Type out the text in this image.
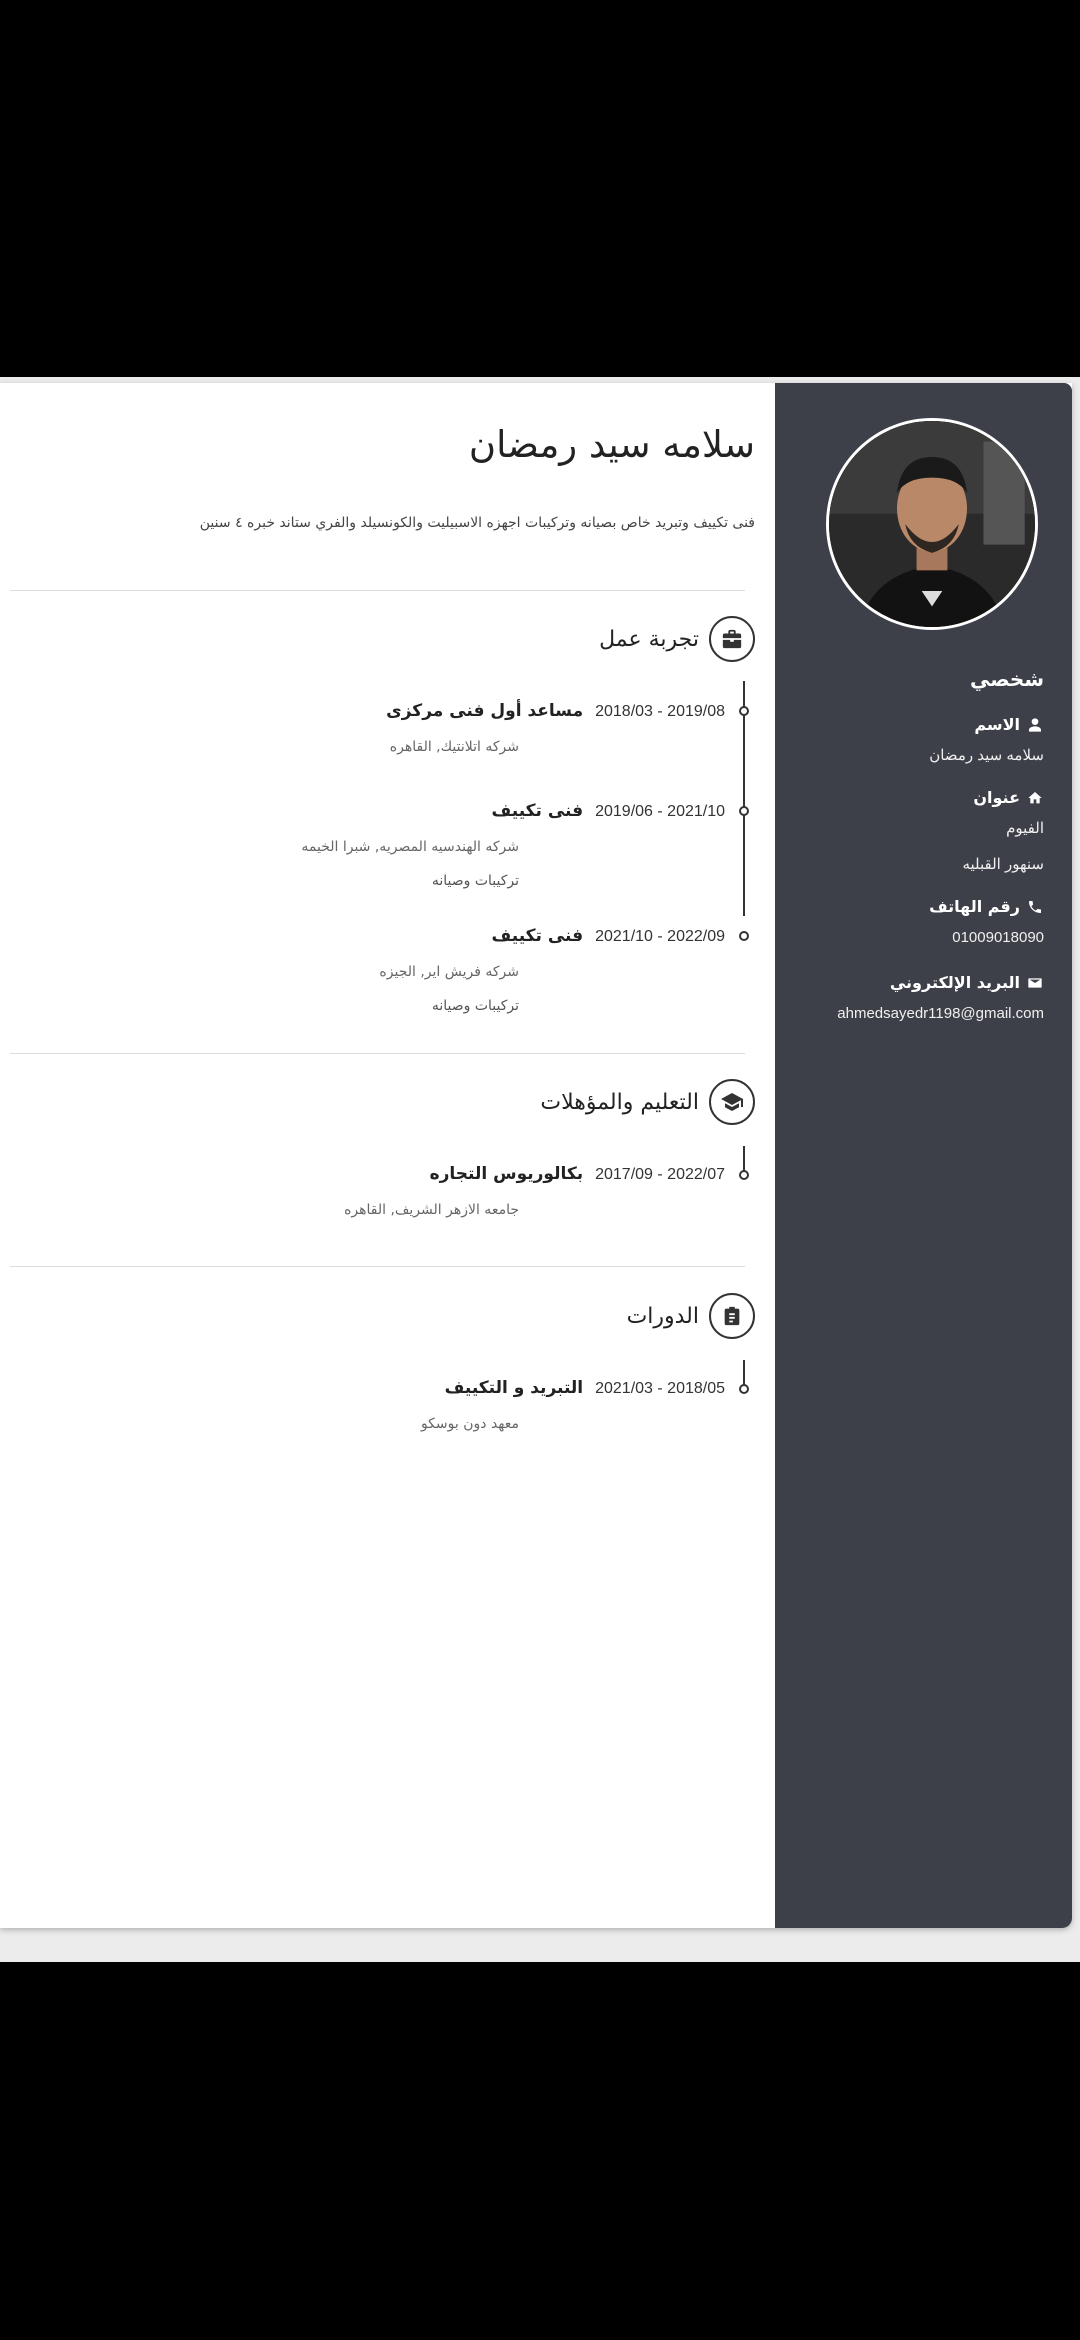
سلامه سيد رمضان
فنى تكييف وتبريد خاص بصيانه وتركيبات اجهزه الاسبيليت والكونسيلد والفري ستاند خبره ٤ سنين
تجربة عمل
2018/03 - 2019/08
مساعد أول فنى مركزى
شركه اتلانتيك, القاهره
2019/06 - 2021/10
فنى تكييف
شركه الهندسيه المصريه, شبرا الخيمه
تركيبات وصيانه
2021/10 - 2022/09
فنى تكييف
شركه فريش اير, الجيزه
تركيبات وصيانه
التعليم والمؤهلات
2017/09 - 2022/07
بكالوريوس التجاره
جامعه الازهر الشريف, القاهره
الدورات
2021/03 - 2018/05
التبريد و التكييف
معهد دون بوسكو
شخصي
الاسم
سلامه سيد رمضان
عنوان
الفيوم
سنهور القبليه
رقم الهاتف
01009018090
البريد الإلكتروني
ahmedsayedr1198@gmail.com
